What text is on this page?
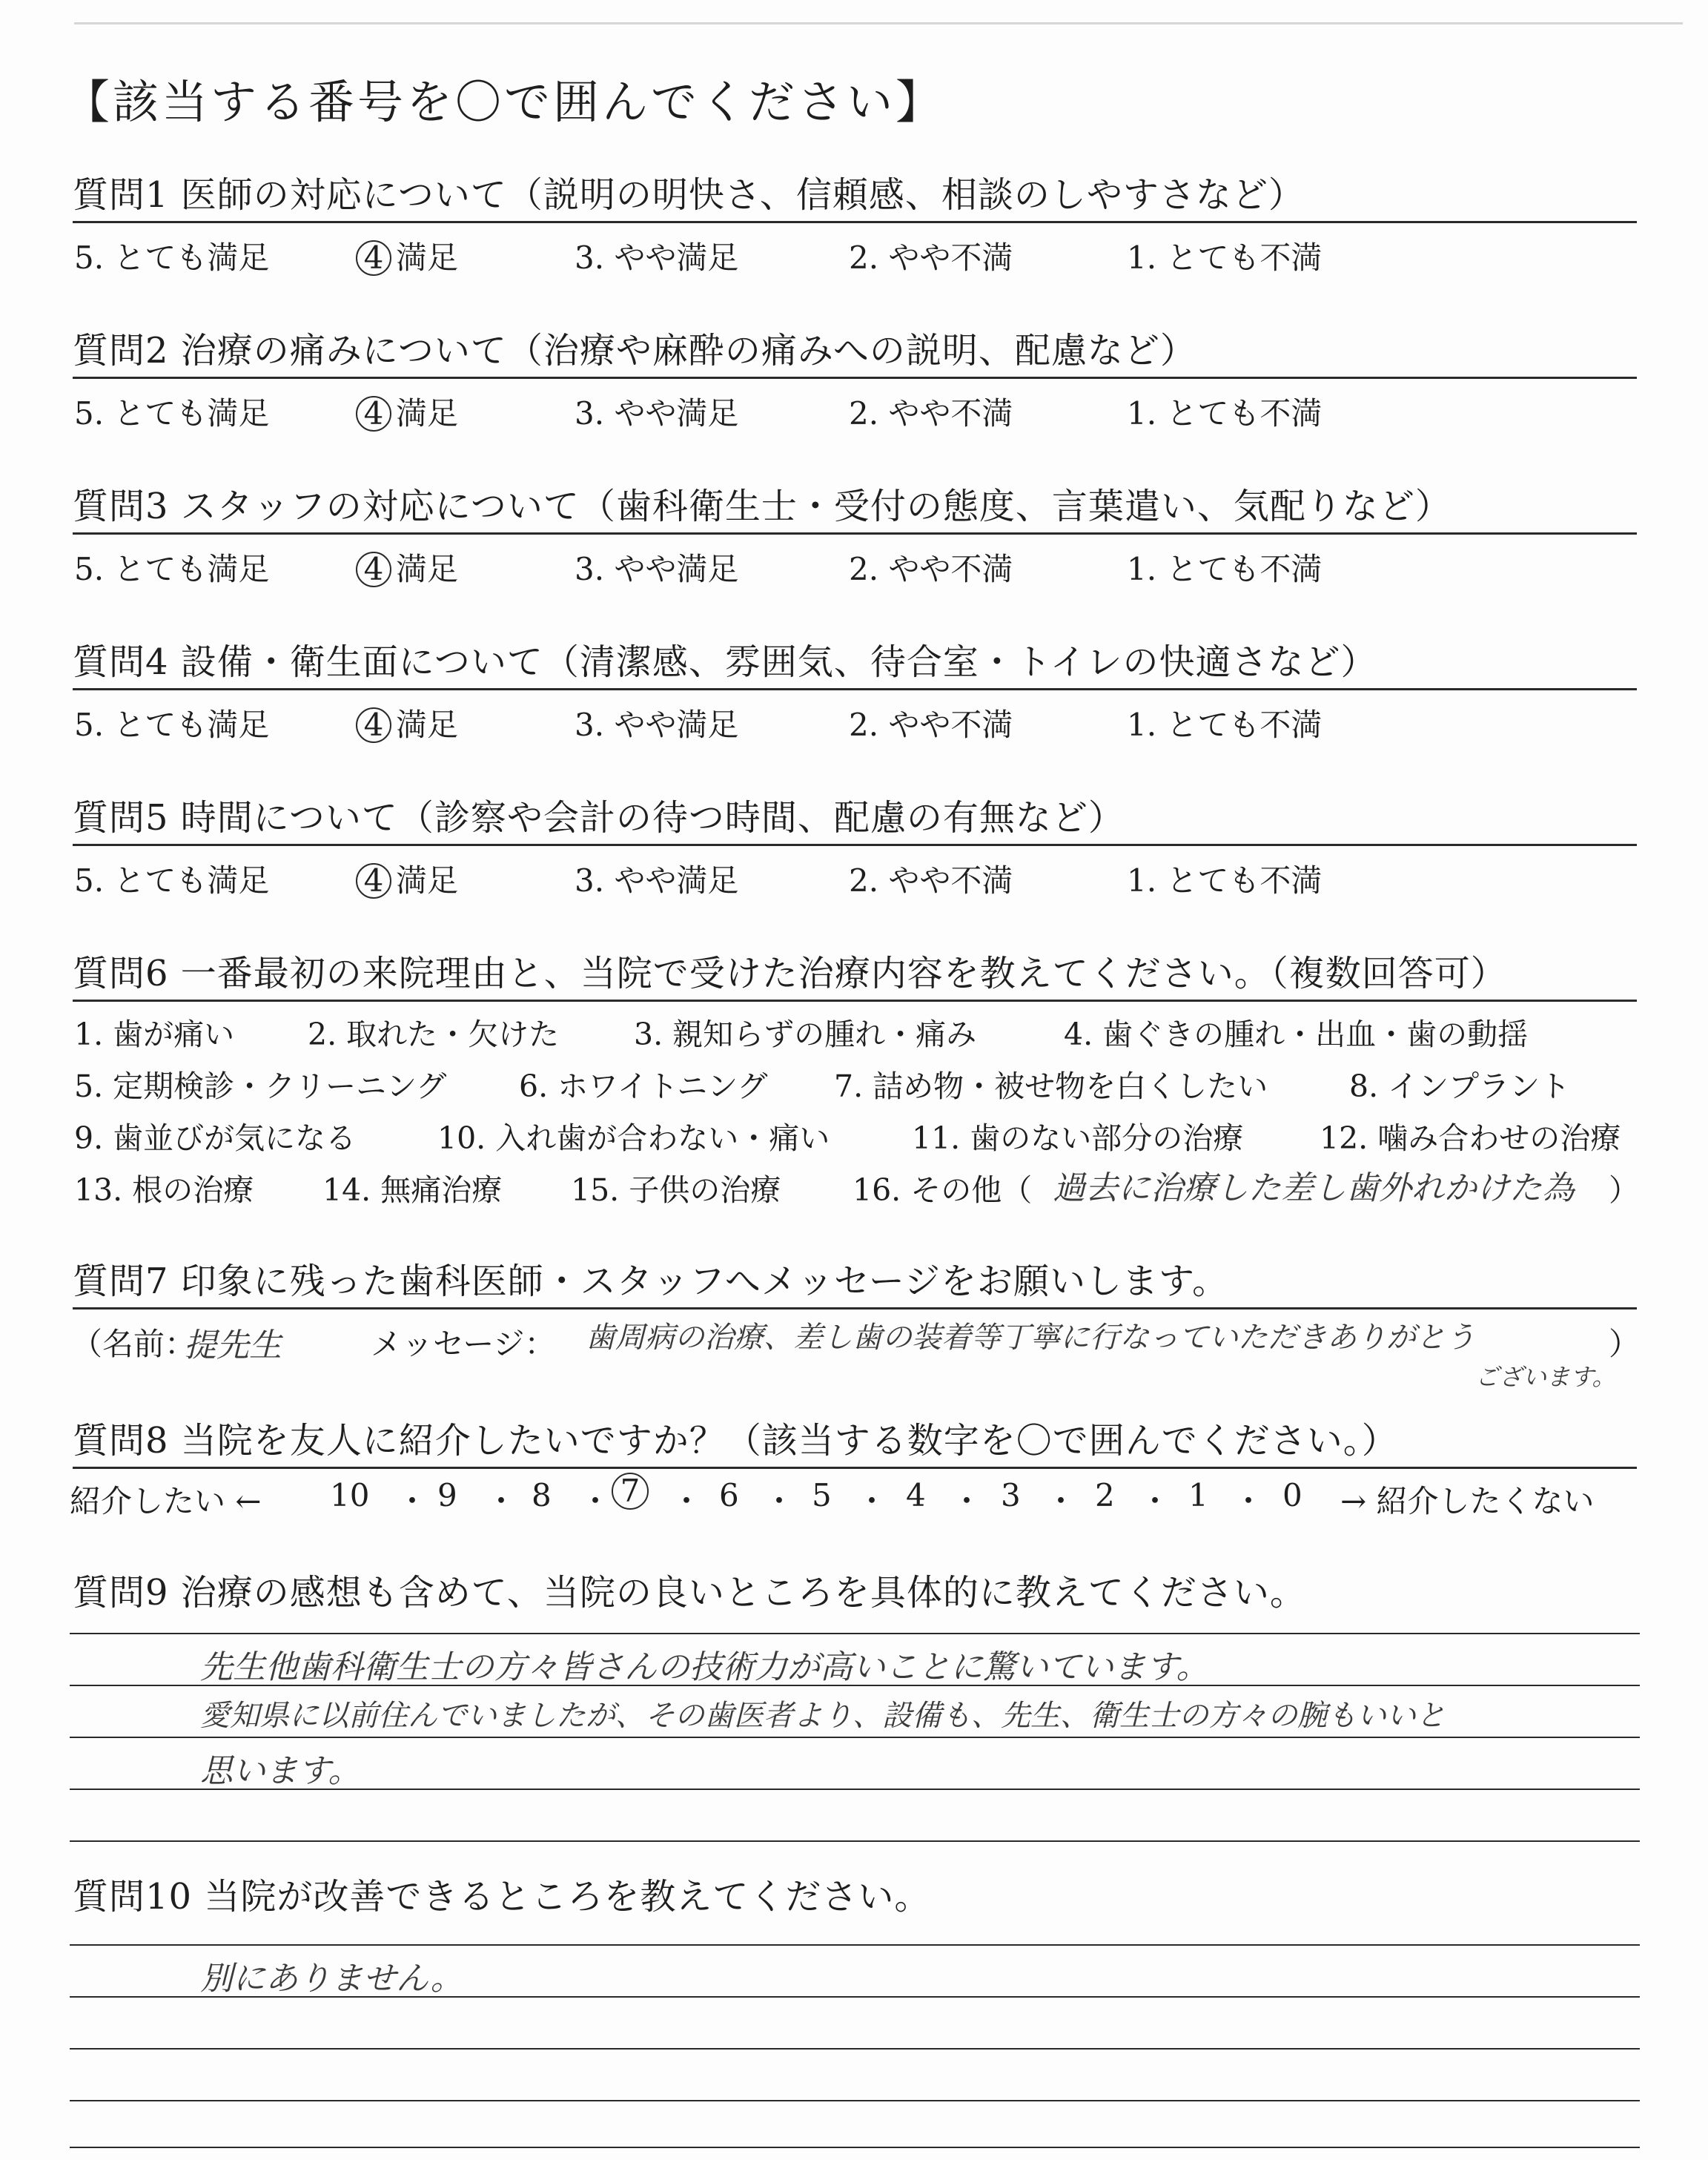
【該当する番号を〇で囲んでください】
質問1 医師の対応について（説明の明快さ、信頼感、相談のしやすさなど）
5. とても満足	4 満足	3. やや満足	2. やや不満	1. とても不満
質問2 治療の痛みについて（治療や麻酔の痛みへの説明、配慮など）
5. とても満足	4 満足	3. やや満足	2. やや不満	1. とても不満
質問3 スタッフの対応について（歯科衛生士・受付の態度、言葉遣い、気配りなど）
5. とても満足	4 満足	3. やや満足	2. やや不満	1. とても不満
質問4 設備・衛生面について（清潔感、雰囲気、待合室・トイレの快適さなど）
5. とても満足	4 満足	3. やや満足	2. やや不満	1. とても不満
質問5 時間について（診察や会計の待つ時間、配慮の有無など）
5. とても満足	4 満足	3. やや満足	2. やや不満	1. とても不満
質問6 一番最初の来院理由と、当院で受けた治療内容を教えてください。（複数回答可）
1. 歯が痛い 2. 取れた・欠けた 3. 親知らずの腫れ・痛み	4. 歯ぐきの腫れ・出血・歯の動揺
5. 定期検診・クリーニング 6. ホワイトニング 7. 詰め物・被せ物を白くしたい	8. インプラント
9. 歯並びが気になる	10. 入れ歯が合わない・痛い	11. 歯のない部分の治療	12. 噛み合わせの治療
13. 根の治療 14. 無痛治療 15. 子供の治療 16. その他（ 過去に治療した差し歯外れかけた為 ）
質問7 印象に残った歯科医師・スタッフへメッセージをお願いします。
（名前：
提先生	メッセージ： 歯周病の治療、差し歯の装着等丁寧に行なっていただきありがとう	）
ございます。
質問8 当院を友人に紹介したいですか？（該当する数字を〇で囲んでください。）
紹介したい ← 10 ・ 9 ・ 8 ・ 7 ・ 6 ・ 5 ・ 4 ・ 3 ・ 2 ・ 1 ・ 0 → 紹介したくない
質問9 治療の感想も含めて、当院の良いところを具体的に教えてください。
先生他歯科衛生士の方々皆さんの技術力が高いことに驚いています。
愛知県に以前住んでいましたが、その歯医者より、設備も、先生、衛生士の方々の腕もいいと
思います。
質問10 当院が改善できるところを教えてください。
別にありません。
